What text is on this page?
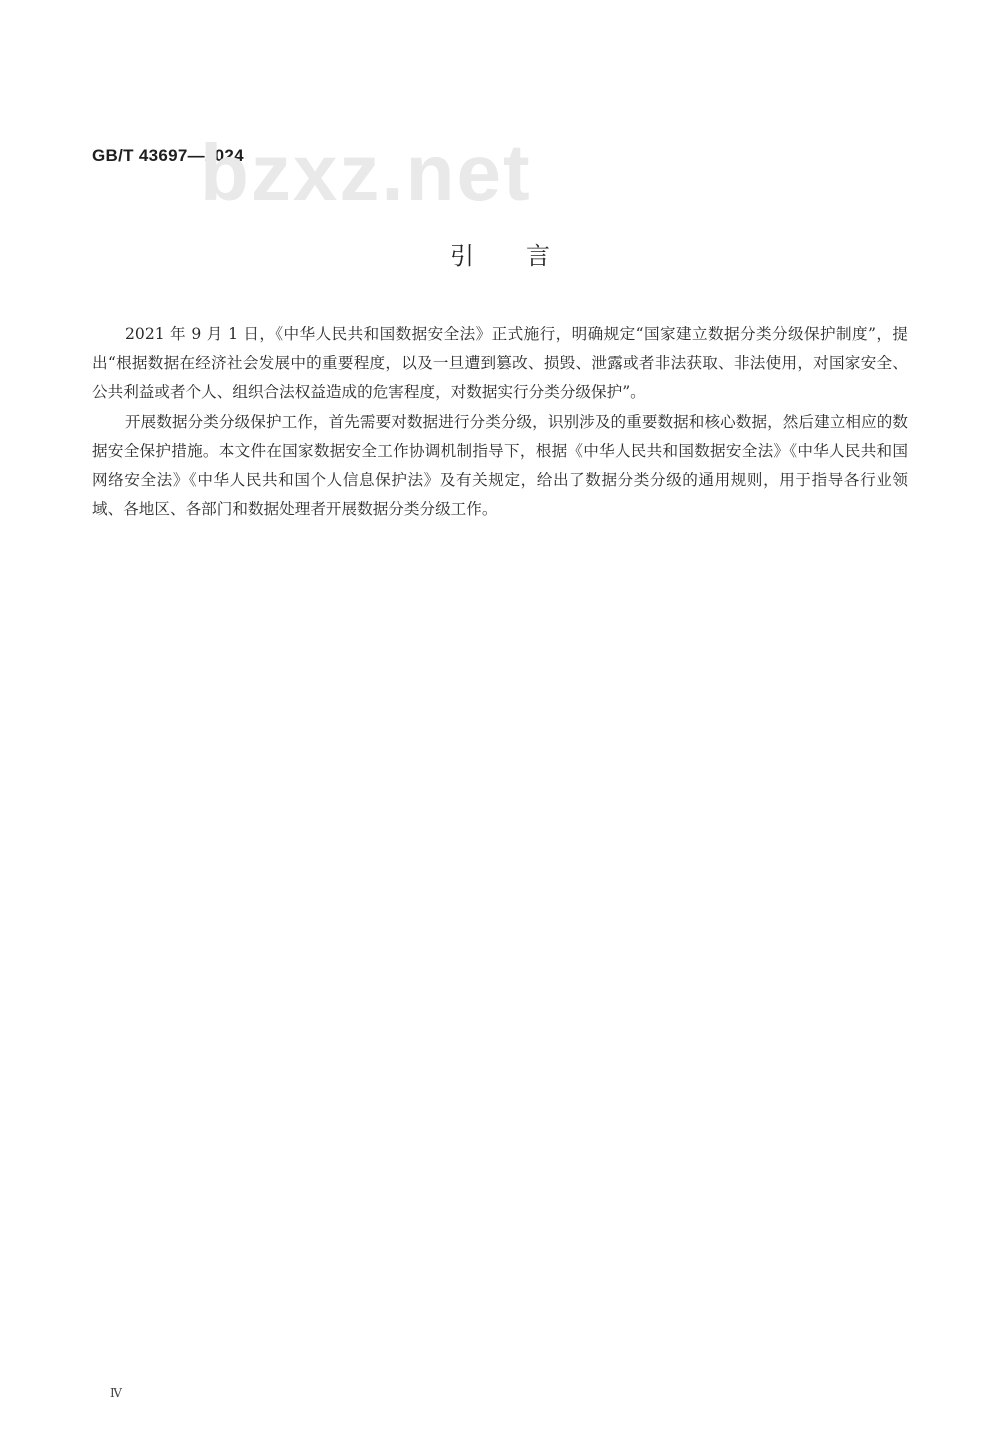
GB/T 43697—2024
bzxz.net
引言

2021 年 9 月 1 日，《中华人民共和国数据安全法》正式施行，明确规定“国家建立数据分类分级保护制度”，提出“根据数据在经济社会发展中的重要程度，以及一旦遭到篡改、损毁、泄露或者非法获取、非法使用，对国家安全、公共利益或者个人、组织合法权益造成的危害程度，对数据实行分类分级保护”。

开展数据分类分级保护工作，首先需要对数据进行分类分级，识别涉及的重要数据和核心数据，然后建立相应的数据安全保护措施。本文件在国家数据安全工作协调机制指导下，根据《中华人民共和国数据安全法》《中华人民共和国网络安全法》《中华人民共和国个人信息保护法》及有关规定，给出了数据分类分级的通用规则，用于指导各行业领域、各地区、各部门和数据处理者开展数据分类分级工作。

Ⅳ
